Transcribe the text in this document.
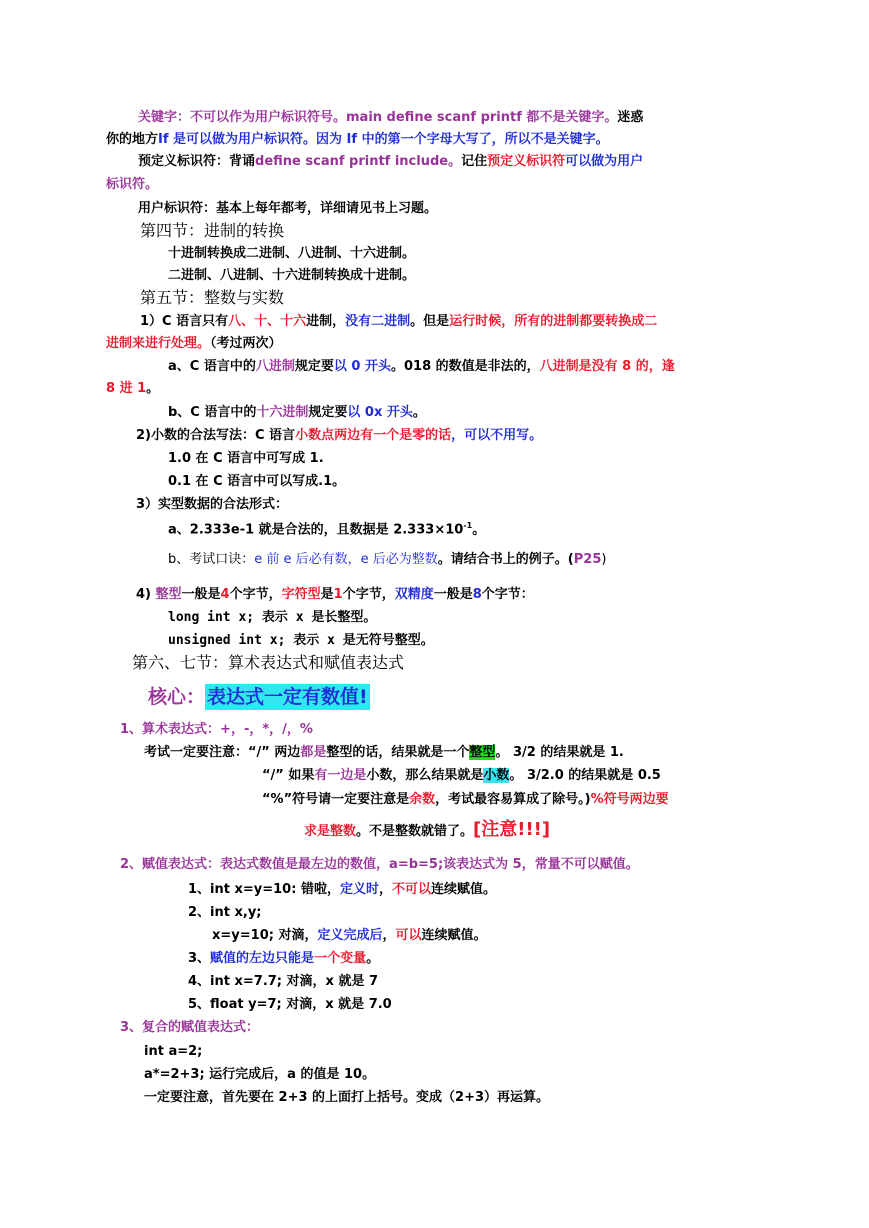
关键字：不可以作为用户标识符号。main define scanf printf 都不是关键字。迷惑
你的地方If 是可以做为用户标识符。因为 If 中的第一个字母大写了，所以不是关键字。
预定义标识符：背诵define scanf printf include。记住预定义标识符可以做为用户
标识符。
用户标识符：基本上每年都考，详细请见书上习题。
第四节：进制的转换
十进制转换成二进制、八进制、十六进制。
二进制、八进制、十六进制转换成十进制。
第五节：整数与实数
1）C 语言只有八、十、十六进制，没有二进制。但是运行时候，所有的进制都要转换成二
进制来进行处理。（考过两次）
a、C 语言中的八进制规定要以 0 开头。018 的数值是非法的，八进制是没有 8 的，逢
8 进 1。
b、C 语言中的十六进制规定要以 0x 开头。
2)小数的合法写法：C 语言小数点两边有一个是零的话，可以不用写。
1.0 在 C 语言中可写成 1.
0.1 在 C 语言中可以写成.1。
3）实型数据的合法形式：
a、2.333e-1 就是合法的，且数据是 $2.333\times 10^{-1}$。
b、考试口诀：e 前 e 后必有数，e 后必为整数。请结合书上的例子。(P25)
4) 整型一般是4个字节，字符型是1个字节，双精度一般是8个字节：
long int x; 表示 x 是长整型。
unsigned int x; 表示 x 是无符号整型。
第六、七节：算术表达式和赋值表达式
核心： 表达式一定有数值!
1、算术表达式：+，-，*，/，%
考试一定要注意：“/” 两边都是整型的话，结果就是一个整型。 3/2 的结果就是 1.
“/” 如果有一边是小数，那么结果就是小数。 3/2.0 的结果就是 0.5
“%”符号请一定要注意是余数，考试最容易算成了除号。)%符号两边要
求是整数。不是整数就错了。[注意!!!]
2、赋值表达式：表达式数值是最左边的数值，a=b=5;该表达式为 5，常量不可以赋值。
1、int x=y=10: 错啦，定义时，不可以连续赋值。
2、int x,y;
x=y=10; 对滴，定义完成后，可以连续赋值。
3、赋值的左边只能是一个变量。
4、int x=7.7; 对滴，x 就是 7
5、float y=7; 对滴，x 就是 7.0
3、复合的赋值表达式：
int a=2;
a*=2+3; 运行完成后，a 的值是 10。
一定要注意，首先要在 2+3 的上面打上括号。变成（2+3）再运算。
